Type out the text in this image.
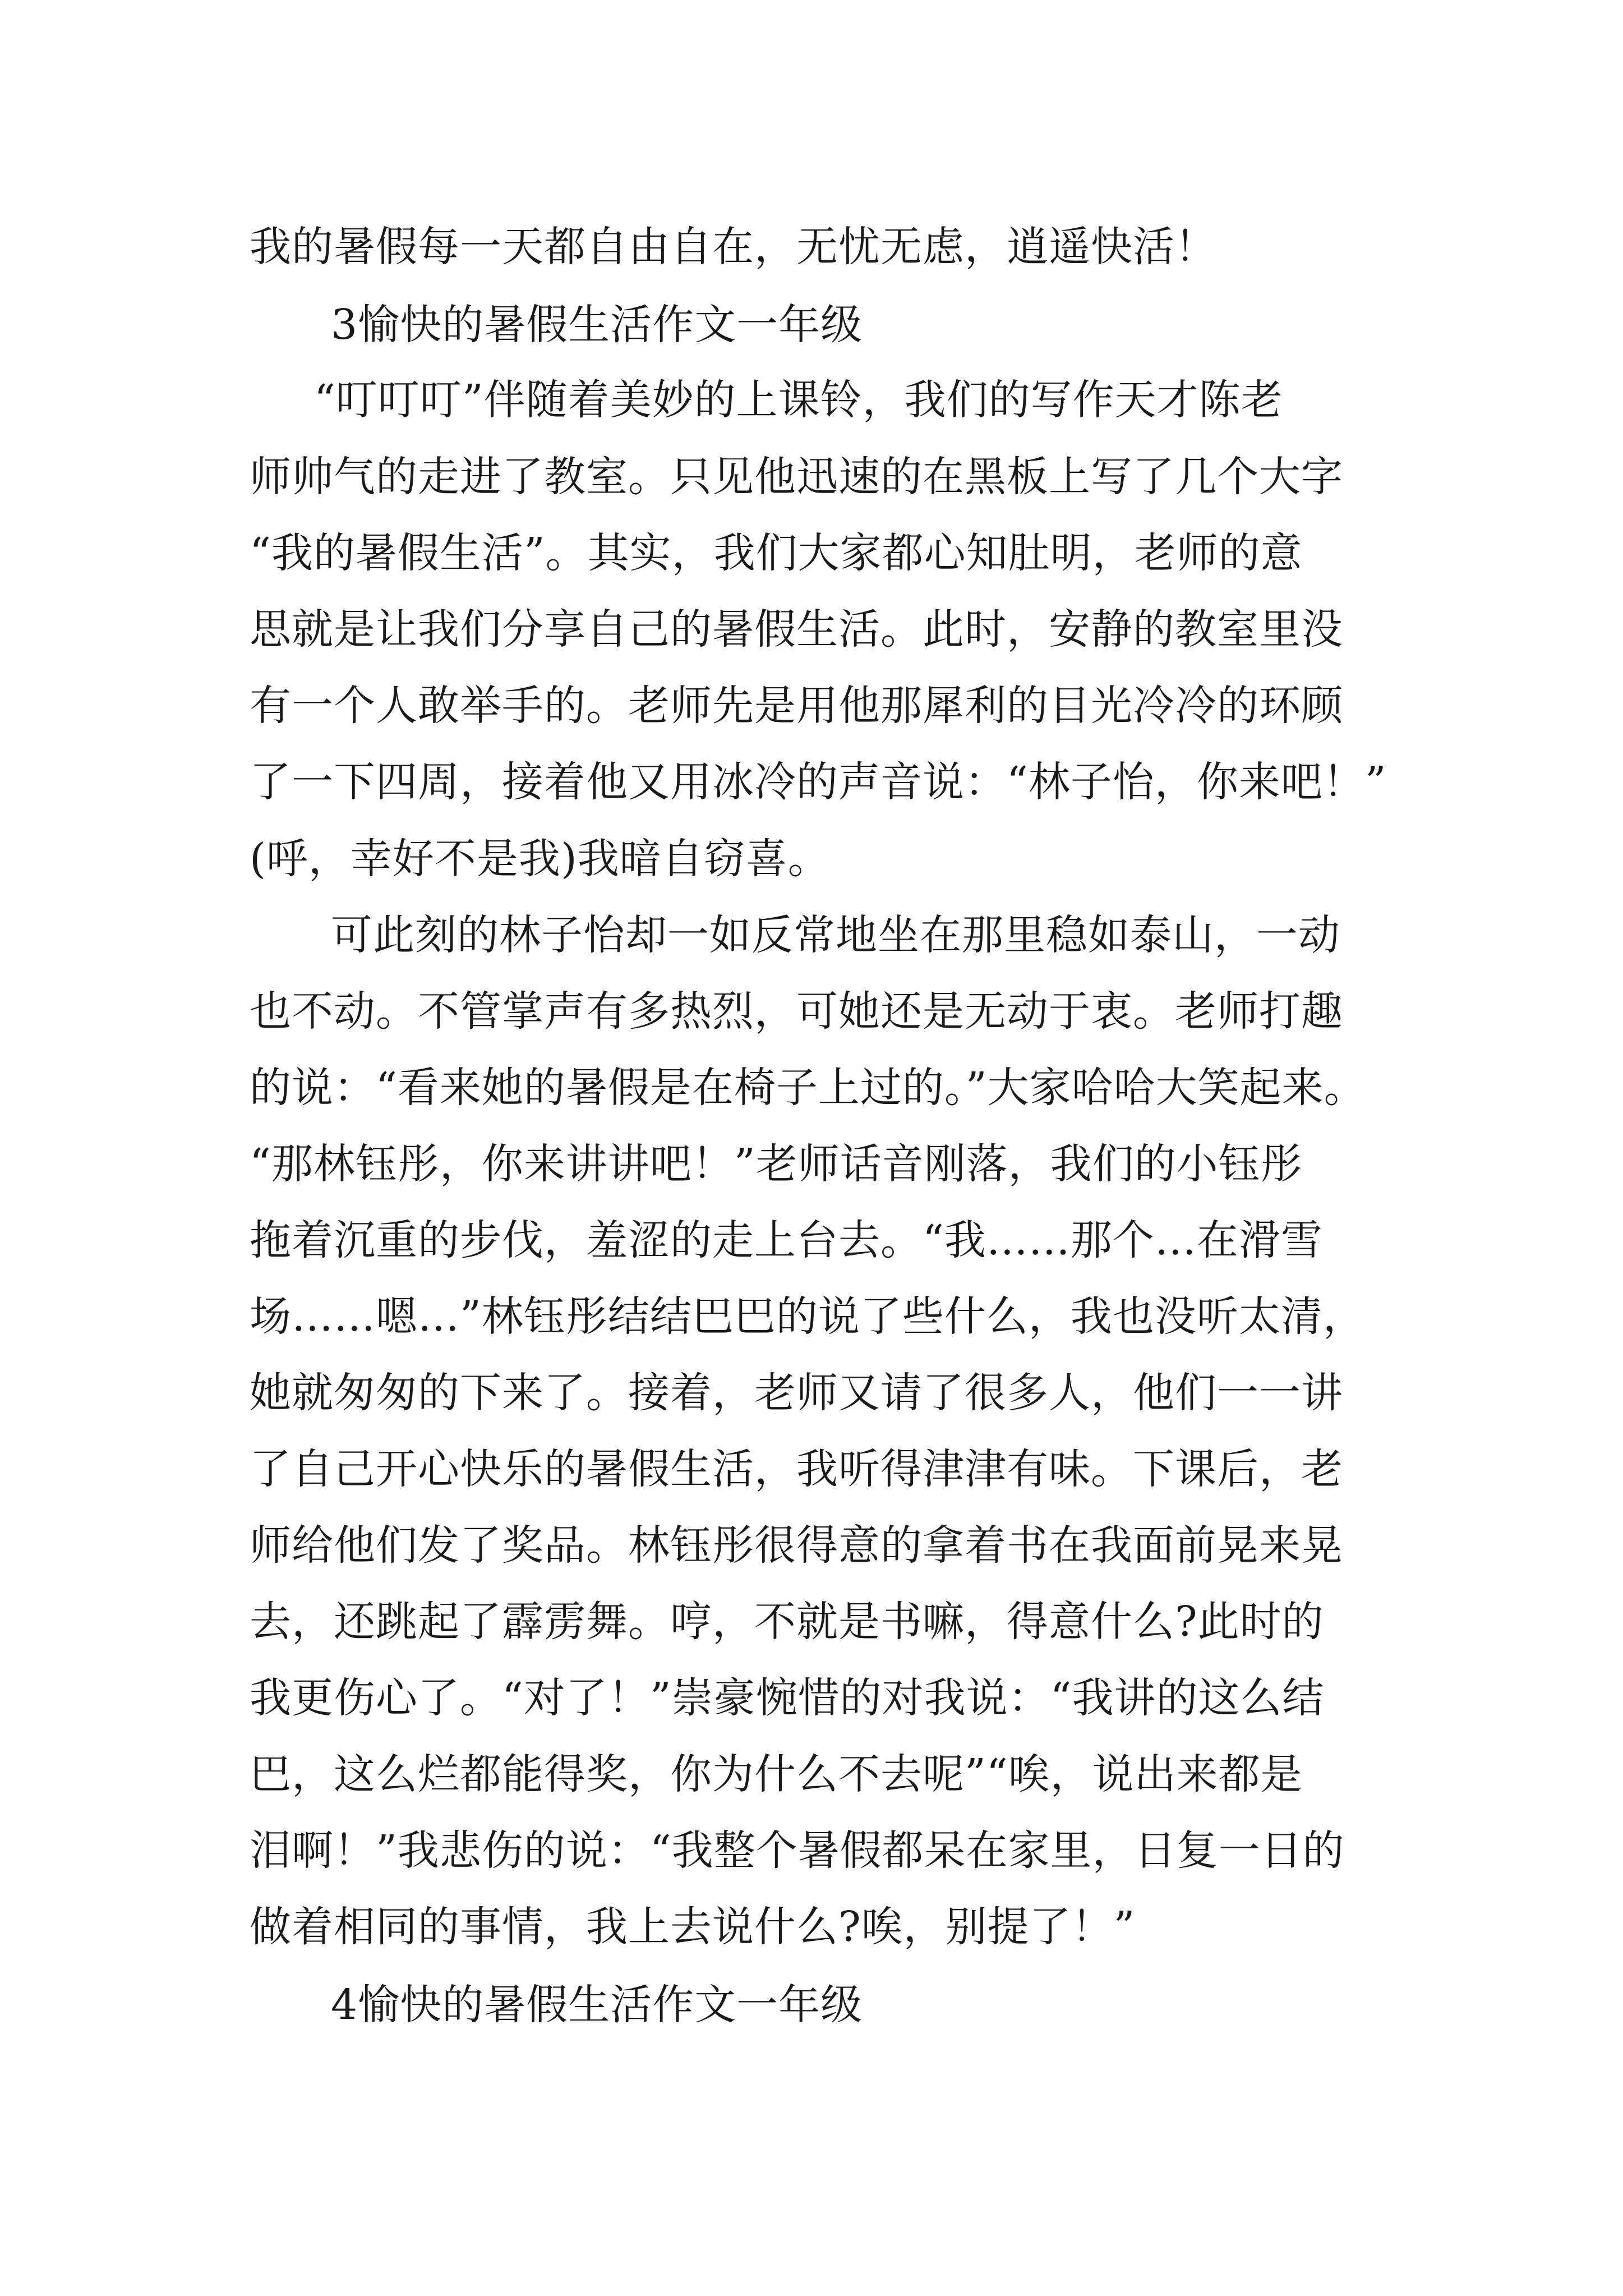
我的暑假每一天都自由自在，无忧无虑，逍遥快活！
3愉快的暑假生活作文一年级
“叮叮叮”伴随着美妙的上课铃，我们的写作天才陈老
师帅气的走进了教室。只见他迅速的在黑板上写了几个大字
“我的暑假生活”。其实，我们大家都心知肚明，老师的意
思就是让我们分享自己的暑假生活。此时，安静的教室里没
有一个人敢举手的。老师先是用他那犀利的目光冷冷的环顾
了一下四周，接着他又用冰冷的声音说：“林子怡，你来吧！”
(呼，幸好不是我)我暗自窃喜。
可此刻的林子怡却一如反常地坐在那里稳如泰山，一动
也不动。不管掌声有多热烈，可她还是无动于衷。老师打趣
的说：“看来她的暑假是在椅子上过的。”大家哈哈大笑起来。
“那林钰彤，你来讲讲吧！”老师话音刚落，我们的小钰彤
拖着沉重的步伐，羞涩的走上台去。“我……那个…在滑雪
场……嗯…”林钰彤结结巴巴的说了些什么，我也没听太清，
她就匆匆的下来了。接着，老师又请了很多人，他们一一讲
了自己开心快乐的暑假生活，我听得津津有味。下课后，老
师给他们发了奖品。林钰彤很得意的拿着书在我面前晃来晃
去，还跳起了霹雳舞。哼，不就是书嘛，得意什么?此时的
我更伤心了。“对了！”崇豪惋惜的对我说：“我讲的这么结
巴，这么烂都能得奖，你为什么不去呢”“唉，说出来都是
泪啊！”我悲伤的说：“我整个暑假都呆在家里，日复一日的
做着相同的事情，我上去说什么?唉，别提了！”
4愉快的暑假生活作文一年级
